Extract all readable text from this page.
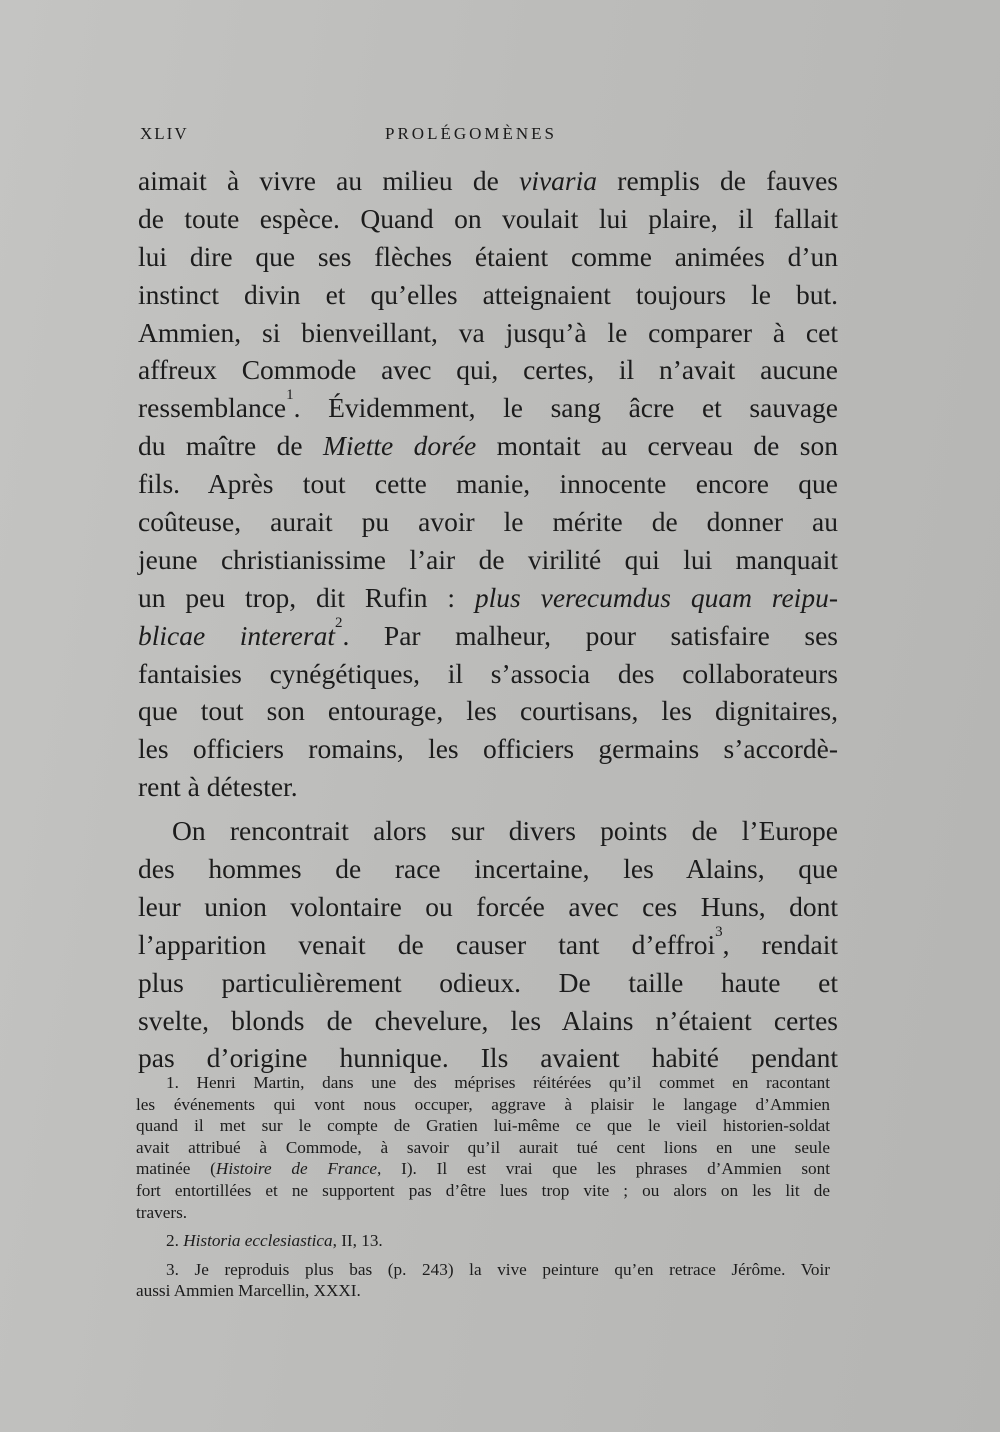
XLIV	PROLÉGOMÈNES
aimait à vivre au milieu de vivaria remplis de fauves
de toute espèce. Quand on voulait lui plaire, il fallait
lui dire que ses flèches étaient comme animées d’un
instinct divin et qu’elles atteignaient toujours le but.
Ammien, si bienveillant, va jusqu’à le comparer à cet
affreux Commode avec qui, certes, il n’avait aucune
ressemblance$^1$. Évidemment, le sang âcre et sauvage
du maître de Miette dorée montait au cerveau de son
fils. Après tout cette manie, innocente encore que
coûteuse, aurait pu avoir le mérite de donner au
jeune christianissime l’air de virilité qui lui manquait
un peu trop, dit Rufin : plus verecumdus quam reipu-
blicae intererat$^2$. Par malheur, pour satisfaire ses
fantaisies cynégétiques, il s’associa des collaborateurs
que tout son entourage, les courtisans, les dignitaires,
les officiers romains, les officiers germains s’accordè-
rent à détester.
On rencontrait alors sur divers points de l’Europe
des hommes de race incertaine, les Alains, que
leur union volontaire ou forcée avec ces Huns, dont
l’apparition venait de causer tant d’effroi$^3$, rendait
plus particulièrement odieux. De taille haute et
svelte, blonds de chevelure, les Alains n’étaient certes
pas d’origine hunnique. Ils avaient habité pendant
1. Henri Martin, dans une des méprises réitérées qu’il commet en racontant
les événements qui vont nous occuper, aggrave à plaisir le langage d’Ammien
quand il met sur le compte de Gratien lui-même ce que le vieil historien-soldat
avait attribué à Commode, à savoir qu’il aurait tué cent lions en une seule
matinée (Histoire de France, I). Il est vrai que les phrases d’Ammien sont
fort entortillées et ne supportent pas d’être lues trop vite ; ou alors on les lit de
travers.
2. Historia ecclesiastica, II, 13.
3. Je reproduis plus bas (p. 243) la vive peinture qu’en retrace Jérôme. Voir
aussi Ammien Marcellin, XXXI.
